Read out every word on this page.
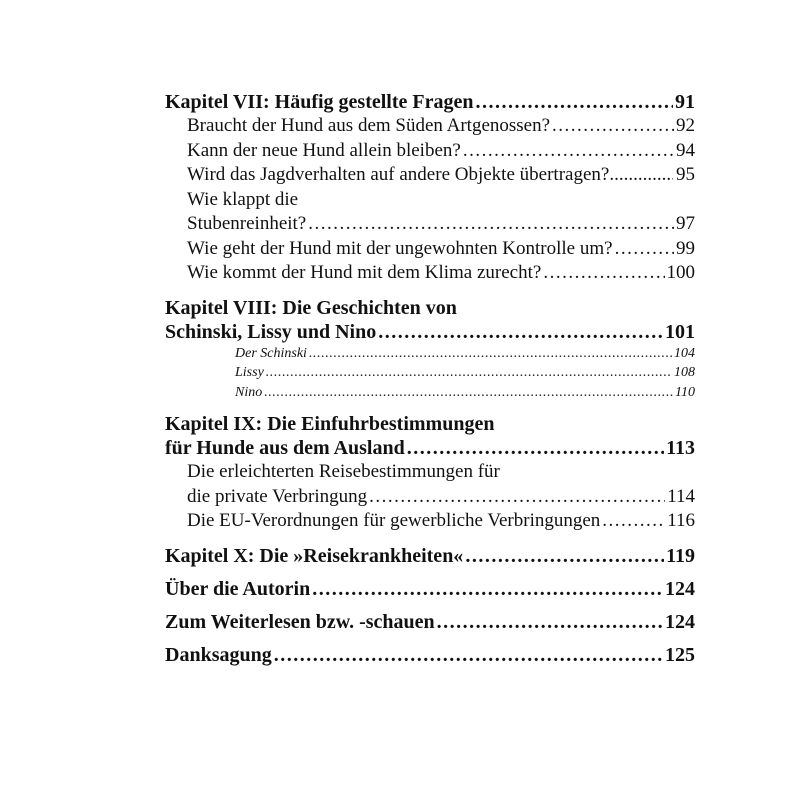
Kapitel VII: Häufig gestellte Fragen .....	91
Braucht der Hund aus dem Süden Artgenossen? .....	92
Kann der neue Hund allein bleiben? .....	94
Wird das Jagdverhalten auf andere Objekte übertragen?. .....	95
Wie klappt die
Stubenreinheit? .....	97
Wie geht der Hund mit der ungewohnten Kontrolle um? .....	99
Wie kommt der Hund mit dem Klima zurecht? .....	100
Kapitel VIII: Die Geschichten von
Schinski, Lissy und Nino .....	101
Der Schinski .....	104
Lissy .....	108
Nino .....	110
Kapitel IX: Die Einfuhrbestimmungen
für Hunde aus dem Ausland .....	113
Die erleichterten Reisebestimmungen für
die private Verbringung .....	114
Die EU-Verordnungen für gewerbliche Verbringungen .....	116
Kapitel X: Die »Reisekrankheiten« .....	119
Über die Autorin .....	124
Zum Weiterlesen bzw. -schauen .....	124
Danksagung .....	125
